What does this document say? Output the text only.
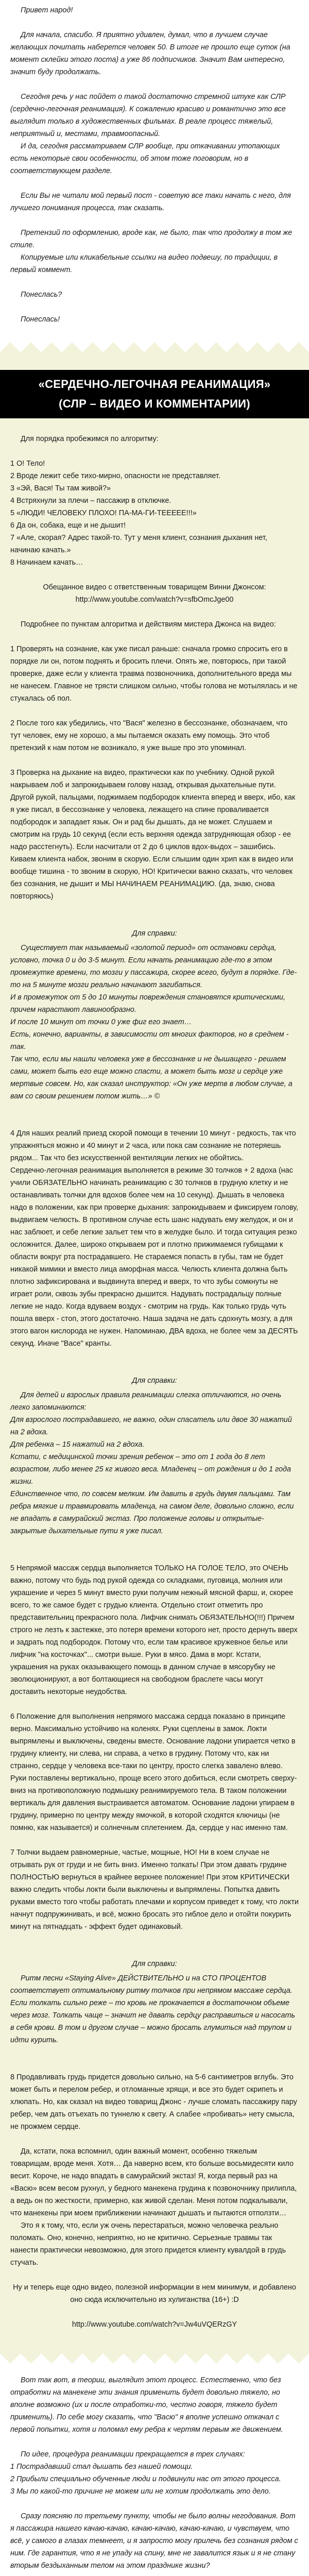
Привет народ!

Для начала, спасибо. Я приятно удивлен, думал, что в лучшем случае желающих почитать наберется человек 50. В итоге не прошло еще суток (на момент склейки этого поста) а уже 86 подписчиков. Значит Вам интересно, значит буду продолжать.

Сегодня речь у нас пойдет о такой достаточно стремной штуке как СЛР (сердечно-легочная реанимация). К сожалению красиво и романтично это все выглядит только в художественных фильмах. В реале процесс тяжелый, неприятный и, местами, травмоопасный.

И да, сегодня рассматриваем СЛР вообще, при откачивании утопающих есть некоторые свои особенности, об этом тоже поговорим, но в соответствующем разделе.

Если Вы не читали мой первый пост - советую все таки начать с него, для лучшего понимания процесса, так сказать.

Претензий по оформлению, вроде как, не было, так что продолжу в том же стиле.

Копируемые или кликабельные ссылки на видео подвешу, по традиции, в первый коммент.

Понеслась?

Понеслась!

«СЕРДЕЧНО-ЛЕГОЧНАЯ РЕАНИМАЦИЯ»
(СЛР – ВИДЕО И КОММЕНТАРИИ)

Для порядка пробежимся по алгоритму:

1 О! Тело!

2 Вроде лежит себе тихо-мирно, опасности не представляет.

3 «Эй, Вася! Ты там живой?»

4 Встряхнули за плечи – пассажир в отключке.

5 «ЛЮДИ! ЧЕЛОВЕКУ ПЛОХО! ПА-МА-ГИ-ТЕЕЕЕЕ!!!»

6 Да он, собака, еще и не дышит!

7 «Але, скорая? Адрес такой-то. Тут у меня клиент, сознания дыхания нет, начинаю качать.»

8 Начинаем качать…

Обещанное видео с ответственным товарищем Винни Джонсом:

http://www.youtube.com/watch?v=sfbOmcJge00

Подробнее по пунктам алгоритма и действиям мистера Джонса на видео:

1 Проверять на сознание, как уже писал раньше: сначала громко спросить его в порядке ли он, потом поднять и бросить плечи. Опять же, повторюсь, при такой проверке, даже если у клиента травма позвоночника, дополнительного вреда мы не нанесем. Главное не трясти слишком сильно, чтобы голова не мотылялась и не стукалась об пол.

2 После того как убедились, что "Вася" железно в бессознанке, обозначаем, что тут человек, ему не хорошо, а мы пытаемся оказать ему помощь. Это чтоб претензий к нам потом не возникало, я уже выше про это упоминал.

3 Проверка на дыхание на видео, практически как по учебнику. Одной рукой накрываем лоб и запрокидываем голову назад, открывая дыхательные пути. Другой рукой, пальцами, поджимаем подбородок клиента вперед и вверх, ибо, как я уже писал, в бессознанке у человека, лежащего на спине проваливается подбородок и западает язык. Он и рад бы дышать, да не может. Слушаем и смотрим на грудь 10 секунд (если есть верхняя одежда затрудняющая обзор - ее надо расстегнуть). Если насчитали от 2 до 6 циклов вдох-выдох – зашибись. Киваем клиента набок, звоним в скорую. Если слышим один хрип как в видео или вообще тишина - то звоним в скорую, НО! Критически важно сказать, что человек без сознания, не дышит и МЫ НАЧИНАЕМ РЕАНИМАЦИЮ. (да, знаю, снова повторяюсь)

Для справки:

Существует так называемый «золотой период» от остановки сердца, условно, точка 0 и до 3-5 минут. Если начать реанимацию где-то в этом промежутке времени, то мозги у пассажира, скорее всего, будут в порядке. Где-то на 5 минуте мозги реально начинают загибаться.

И в промежуток от 5 до 10 минуты повреждения становятся критическими, причем нарастают лавинообразно.

И после 10 минут от точки 0 уже фиг его знает…

Есть, конечно, варианты, в зависимости от многих факторов, но в среднем - так.

Так что, если мы нашли человека уже в бессознанке и не дышащего - решаем сами, может быть его еще можно спасти, а может быть мозг и сердце уже мертвые совсем. Но, как сказал инструктор: «Он уже мертв в любом случае, а вам со своим решением потом жить…» ©

4 Для наших реалий приезд скорой помощи в течении 10 минут - редкость, так что упражняться можно и 40 минут и 2 часа, или пока сам сознание не потеряешь рядом... Так что без искусственной вентиляции легких не обойтись.

Сердечно-легочная реанимация выполняется в режиме 30 толчков + 2 вдоха (нас учили ОБЯЗАТЕЛЬНО начинать реанимацию с 30 толчков в грудную клетку и не останавливать толчки для вдохов более чем на 10 секунд). Дышать в человека надо в положении, как при проверке дыхания: запрокидываем и фиксируем голову, выдвигаем челюсть. В противном случае есть шанс надувать ему желудок, и он и нас заблюет, и себе легкие зальет тем что в желудке было. И тогда ситуация резко осложнится. Далее, широко открываем рот и плотно прижимаемся губищами к области вокруг рта пострадавшего. Не стараемся попасть в губы, там не будет никакой мимики и вместо лица аморфная масса. Челюсть клиента должна быть плотно зафиксирована и выдвинута вперед и вверх, то что зубы сомкнуты не играет роли, сквозь зубы прекрасно дышится. Надувать пострадальцу полные легкие не надо. Когда вдуваем воздух - смотрим на грудь. Как только грудь чуть пошла вверх - стоп, этого достаточно. Наша задача не дать сдохнуть мозгу, а для этого вагон кислорода не нужен. Напоминаю, ДВА вдоха, не более чем за ДЕСЯТЬ секунд. Иначе "Васе" кранты.

Для справки:

Для детей и взрослых правила реанимации слегка отличаются, но очень легко запоминаются:

Для взрослого пострадавшего, не важно, один спасатель или двое 30 нажатий на 2 вдоха.

Для ребенка – 15 нажатий на 2 вдоха.

Кстати, с медицинской точки зрения ребенок – это от 1 года до 8 лет возрастом, либо менее 25 кг живого веса. Младенец – от рождения и до 1 года жизни.

Единственное что, по совсем мелким. Им давить в грудь двумя пальцами. Там ребра мягкие и травмировать младенца, на самом деле, довольно сложно, если не впадать в самурайский экстаз. Про положение головы и открытые-закрытые дыхательные пути я уже писал.

5 Непрямой массаж сердца выполняется ТОЛЬКО НА ГОЛОЕ ТЕЛО, это ОЧЕНЬ важно, потому что будь под рукой одежда со складками, пуговица, молния или украшение и через 5 минут вместо руки получим нежный мясной фарш, и, скорее всего, то же самое будет с грудью клиента. Отдельно стоит отметить про представительниц прекрасного пола. Лифчик снимать ОБЯЗАТЕЛЬНО(!!!) Причем строго не лезть к застежке, это потеря времени которого нет, просто дернуть вверх и задрать под подбородок. Потому что, если там красивое кружевное белье или лифчик "на косточках"... смотри выше. Руки в мясо. Дама в морг. Кстати, украшения на руках оказывающего помощь в данном случае в мясорубку не эволюционируют, а вот болтающиеся на свободном браслете часы могут доставить некоторые неудобства.

6 Положение для выполнения непрямого массажа сердца показано в принципе верно. Максимально устойчиво на коленях. Руки сцеплены в замок. Локти выпрямлены и выключены, сведены вместе. Основание ладони упирается четко в грудину клиенту, ни слева, ни справа, а четко в грудину. Потому что, как ни странно, сердце у человека все-таки по центру, просто слегка завалено влево. Руки поставлены вертикально, проще всего этого добиться, если смотреть сверху-вниз на противоположную подмышку реанимируемого тела. В таком положении вертикаль для давления выстраивается автоматом. Основание ладони упираем в грудину, примерно по центру между ямочкой, в которой сходятся ключицы (не помню, как называется) и солнечным сплетением. Да, сердце у нас именно там.

7 Толчки выдаем равномерные, частые, мощные, НО! Ни в коем случае не отрывать рук от груди и не бить вниз. Именно толкать! При этом давать грудине ПОЛНОСТЬЮ вернуться в крайнее верхнее положение! При этом КРИТИЧЕСКИ важно следить чтобы локти были выключены и выпрямлены. Попытка давить руками вместо того чтобы работать плечами и корпусом приведет к тому, что локти начнут подпружинивать, и всё, можно бросать это гиблое дело и отойти покурить минут на пятнадцать - эффект будет одинаковый.

Для справки:

Ритм песни «Staying Alive» ДЕЙСТВИТЕЛЬНО и на СТО ПРОЦЕНТОВ соответствует оптимальному ритму толчков при непрямом массаже сердца. Если толкать сильно реже – то кровь не прокачается в достаточном объеме через мозг. Толкать чаще – значит не давать сердцу расправиться и насосать в себя крови. В том и другом случае – можно бросать глумиться над трупом и идти курить.

8 Продавливать грудь придется довольно сильно, на 5-6 сантиметров вглубь. Это может быть и перелом ребер, и отломанные хрящи, и все это будет скрипеть и хлюпать. Но, как сказал на видео товарищ Джонс - лучше сломать пассажиру пару ребер, чем дать отъехать по туннелю к свету. А слабее «пробивать» нету смысла, не прожмем сердце.

Да, кстати, пока вспомнил, один важный момент, особенно тяжелым товарищам, вроде меня. Хотя… Да наверно всем, кто больше восьмидесяти кило весит. Короче, не надо впадать в самурайский экстаз! Я, когда первый раз на «Васю» всем весом рухнул, у бедного манекена грудина к позвоночнику прилипла, а ведь он по жесткости, примерно, как живой сделан. Меня потом подкалывали, что манекены при моем приближении начинают дышать и пытаются отползти…

Это я к тому, что, если уж очень перестараться, можно человечка реально поломать. Оно, конечно, неприятно, но не критично. Серьезные травмы так нанести практически невозможно, для этого придется клиенту кувалдой в грудь стучать.

Ну и теперь еще одно видео, полезной информации в нем минимум, и добавлено оно сюда исключительно из хулиганства (16+) :D

http://www.youtube.com/watch?v=Jw4uVQERzGY

Вот так вот, в теории, выглядит этот процесс. Естественно, что без отработки на манекене эти знания применить будет довольно тяжело, но вполне возможно (их и после отработки-то, честно говоря, тяжело будет применить). По себе могу сказать, что "Васю" я вполне успешно откачал с первой попытки, хотя и поломал ему ребра к чертям первым же движением.

По идее, процедура реанимации прекращается в трех случаях:

1 Пострадавший стал дышать без нашей помощи.

2 Прибыли специально обученные люди и подвинули нас от этого процесса.

3 Мы по какой-то причине не можем или не хотим продолжать это дело.

Сразу поясняю по третьему пункту, чтобы не было волны негодования. Вот я пассажира нашего качаю-качаю, качаю-качаю, качаю-качаю, и чувствуем, что всё, у самого в глазах темнеет, и я запросто могу прилечь без сознания рядом с ним. Где гарантия, что я не упаду на спину, мне не завалится язык и я не стану вторым бездыханным телом на этом празднике жизни?
